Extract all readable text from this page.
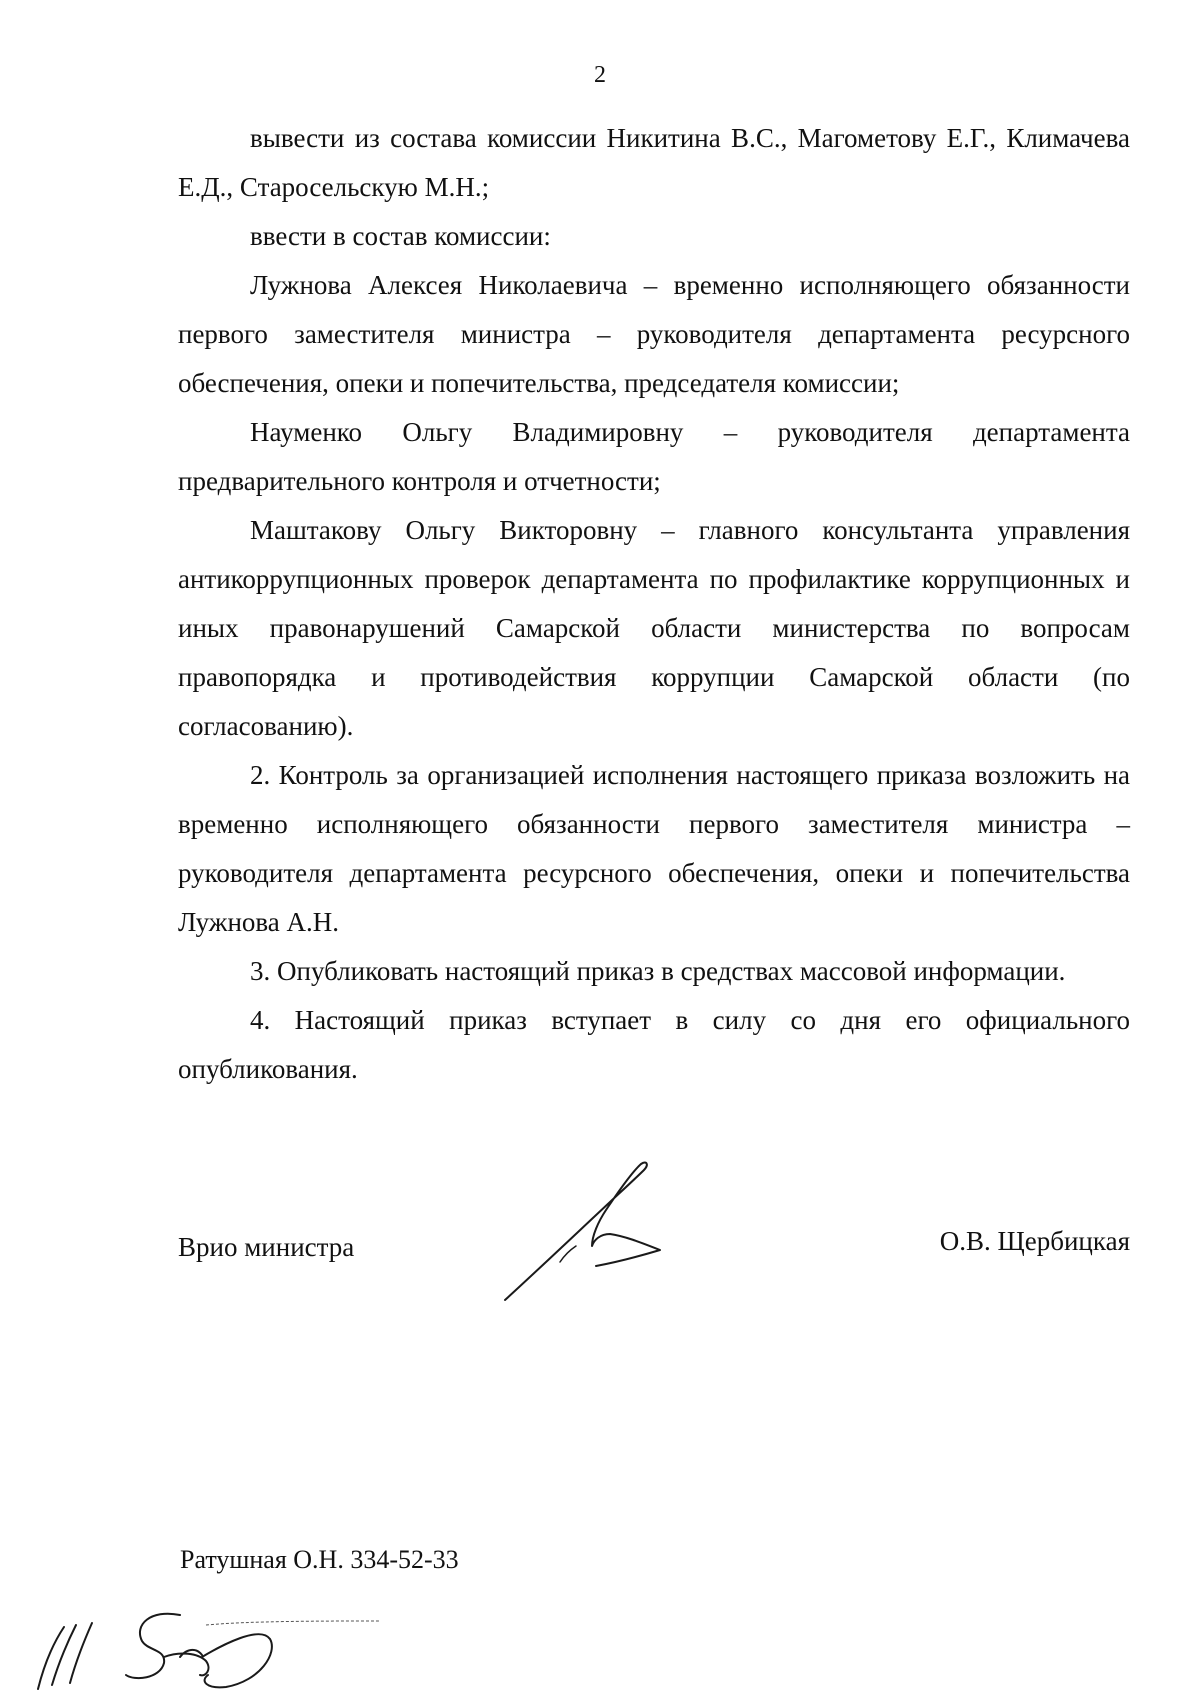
2

вывести из состава комиссии Никитина В.С., Магометову Е.Г., Климачева Е.Д., Старосельскую М.Н.;

ввести в состав комиссии:

Лужнова Алексея Николаевича – временно исполняющего обязанности первого заместителя министра – руководителя департамента ресурсного обеспечения, опеки и попечительства, председателя комиссии;

Науменко Ольгу Владимировну – руководителя департамента предварительного контроля и отчетности;

Маштакову Ольгу Викторовну – главного консультанта управления антикоррупционных проверок департамента по профилактике коррупционных и иных правонарушений Самарской области министерства по вопросам правопорядка и противодействия коррупции Самарской области (по согласованию).

2. Контроль за организацией исполнения настоящего приказа возложить на временно исполняющего обязанности первого заместителя министра – руководителя департамента ресурсного обеспечения, опеки и попечительства Лужнова А.Н.

3. Опубликовать настоящий приказ в средствах массовой информации.

4. Настоящий приказ вступает в силу со дня его официального опубликования.

Врио министра	О.В. Щербицкая
Ратушная О.Н. 334-52-33
